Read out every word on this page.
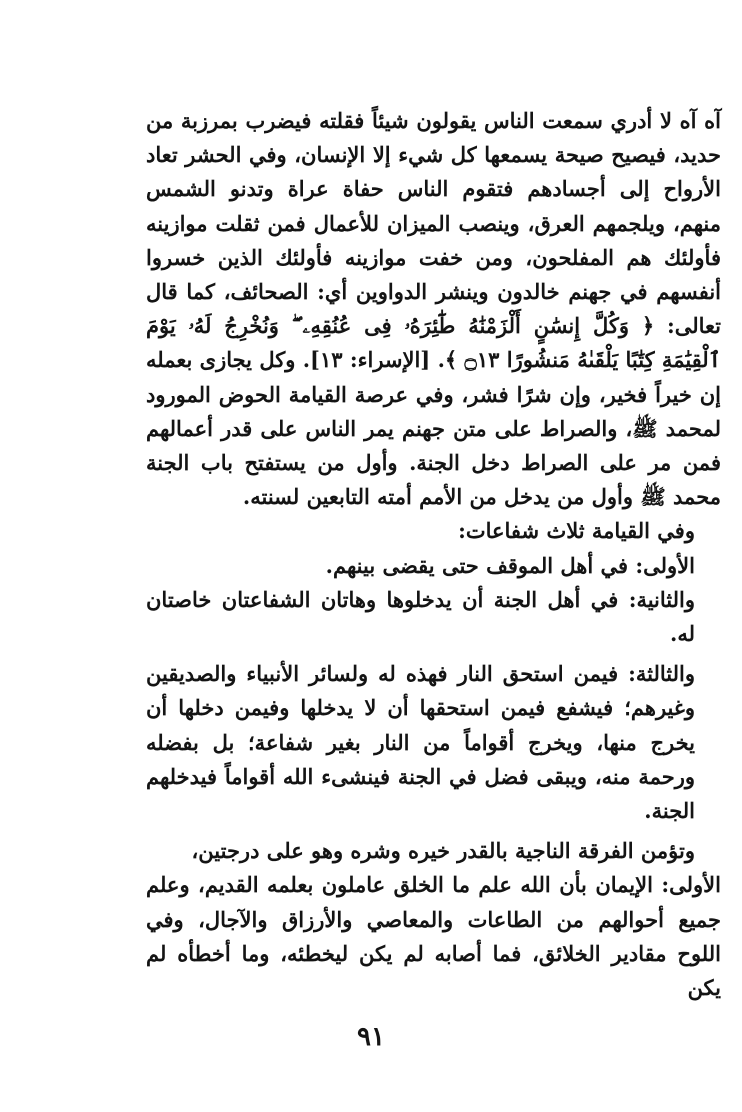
آه آه لا أدري سمعت الناس يقولون شيئاً فقلته فيضرب بمرزبة من حديد، فيصيح صيحة يسمعها كل شيء إلا الإنسان، وفي الحشر تعاد الأرواح إلى أجسادهم فتقوم الناس حفاة عراة وتدنو الشمس منهم، ويلجمهم العرق، وينصب الميزان للأعمال فمن ثقلت موازينه فأولئك هم المفلحون، ومن خفت موازينه فأولئك الذين خسروا أنفسهم في جهنم خالدون وينشر الدواوين أي: الصحائف، كما قال تعالى: ﴿ وَكُلَّ إِنسَٰنٍ أَلْزَمْنَٰهُ طَٰٓئِرَهُۥ فِى عُنُقِهِۦ ۖ وَنُخْرِجُ لَهُۥ يَوْمَ ٱلْقِيَٰمَةِ كِتَٰبًا يَلْقَىٰهُ مَنشُورًا ۝١٣ ﴾. [الإسراء: ١٣]. وكل يجازى بعمله إن خيراً فخير، وإن شرًا فشر، وفي عرصة القيامة الحوض المورود لمحمد ﷺ، والصراط على متن جهنم يمر الناس على قدر أعمالهم فمن مر على الصراط دخل الجنة. وأول من يستفتح باب الجنة محمد ﷺ وأول من يدخل من الأمم أمته التابعين لسنته.

وفي القيامة ثلاث شفاعات:

الأولى: في أهل الموقف حتى يقضى بينهم.

والثانية: في أهل الجنة أن يدخلوها وهاتان الشفاعتان خاصتان له.

والثالثة: فيمن استحق النار فهذه له ولسائر الأنبياء والصديقين وغيرهم؛ فيشفع فيمن استحقها أن لا يدخلها وفيمن دخلها أن يخرج منها، ويخرج أقواماً من النار بغير شفاعة؛ بل بفضله ورحمة منه، ويبقى فضل في الجنة فينشىء الله أقواماً فيدخلهم الجنة.

وتؤمن الفرقة الناجية بالقدر خيره وشره وهو على درجتين،

الأولى: الإيمان بأن الله علم ما الخلق عاملون بعلمه القديم، وعلم جميع أحوالهم من الطاعات والمعاصي والأرزاق والآجال، وفي اللوح مقادير الخلائق، فما أصابه لم يكن ليخطئه، وما أخطأه لم يكن

٩١
